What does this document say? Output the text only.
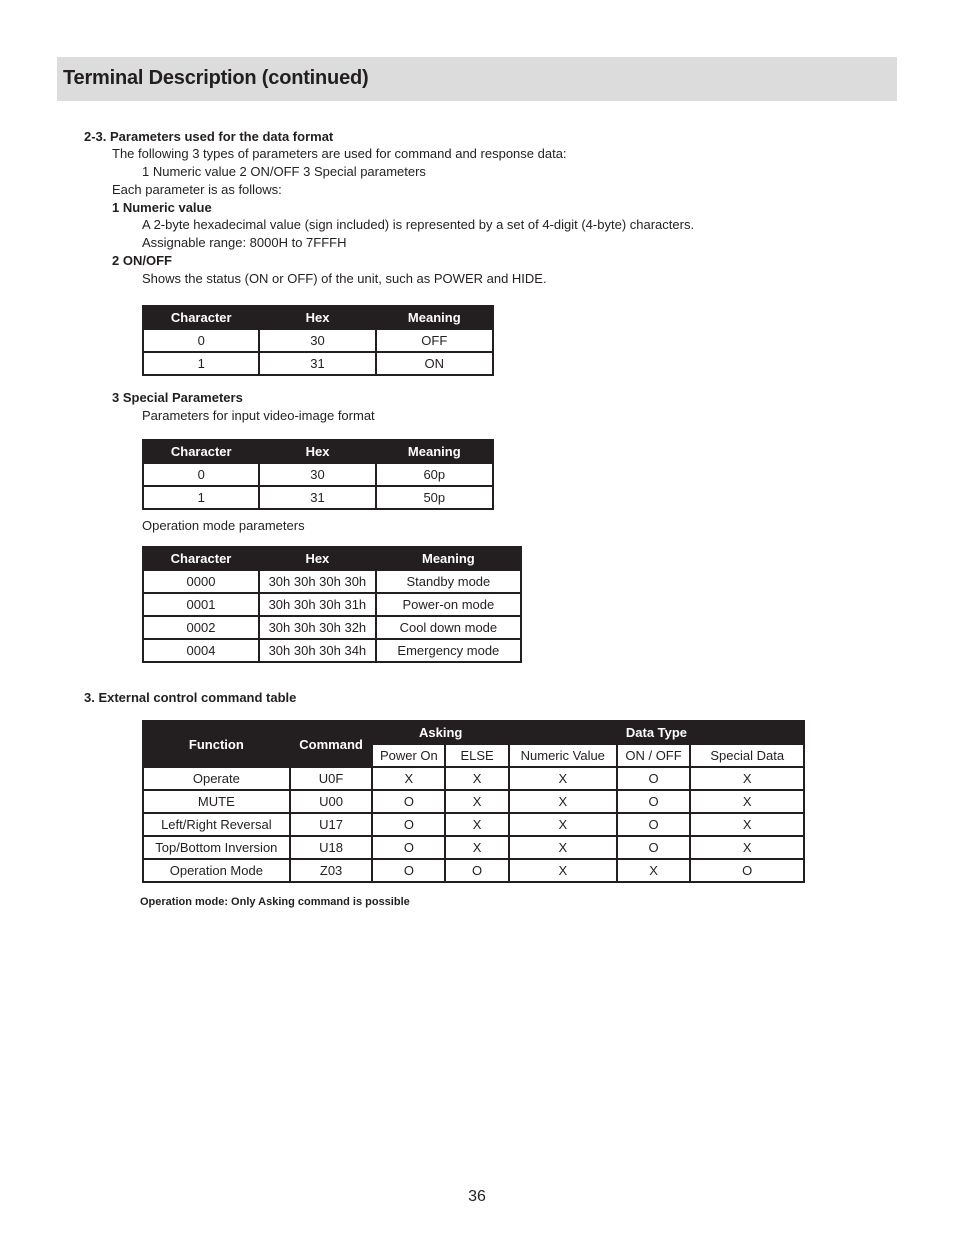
Terminal Description (continued)
2-3. Parameters used for the data format
The following 3 types of parameters are used for command and response data:
1 Numeric value 2 ON/OFF 3 Special parameters
Each parameter is as follows:
1 Numeric value
A 2-byte hexadecimal value (sign included) is represented by a set of 4-digit (4-byte) characters.
Assignable range: 8000H to 7FFFH
2 ON/OFF
Shows the status (ON or OFF) of the unit, such as POWER and HIDE.
Character	Hex	Meaning
0	30	OFF
1	31	ON
3 Special Parameters
Parameters for input video-image format
Character	Hex	Meaning
0	30	60p
1	31	50p
Operation mode parameters
Character	Hex	Meaning
0000	30h 30h 30h 30h	Standby mode
0001	30h 30h 30h 31h	Power-on mode
0002	30h 30h 30h 32h	Cool down mode
0004	30h 30h 30h 34h	Emergency mode
3. External control command table
Function	Command	Asking		Data Type		
		Power On	ELSE	Numeric Value	ON / OFF	Special Data
Operate	U0F	X	X	X	O	X
MUTE	U00	O	X	X	O	X
Left/Right Reversal	U17	O	X	X	O	X
Top/Bottom Inversion	U18	O	X	X	O	X
Operation Mode	Z03	O	O	X	X	O
Operation mode: Only Asking command is possible
36
